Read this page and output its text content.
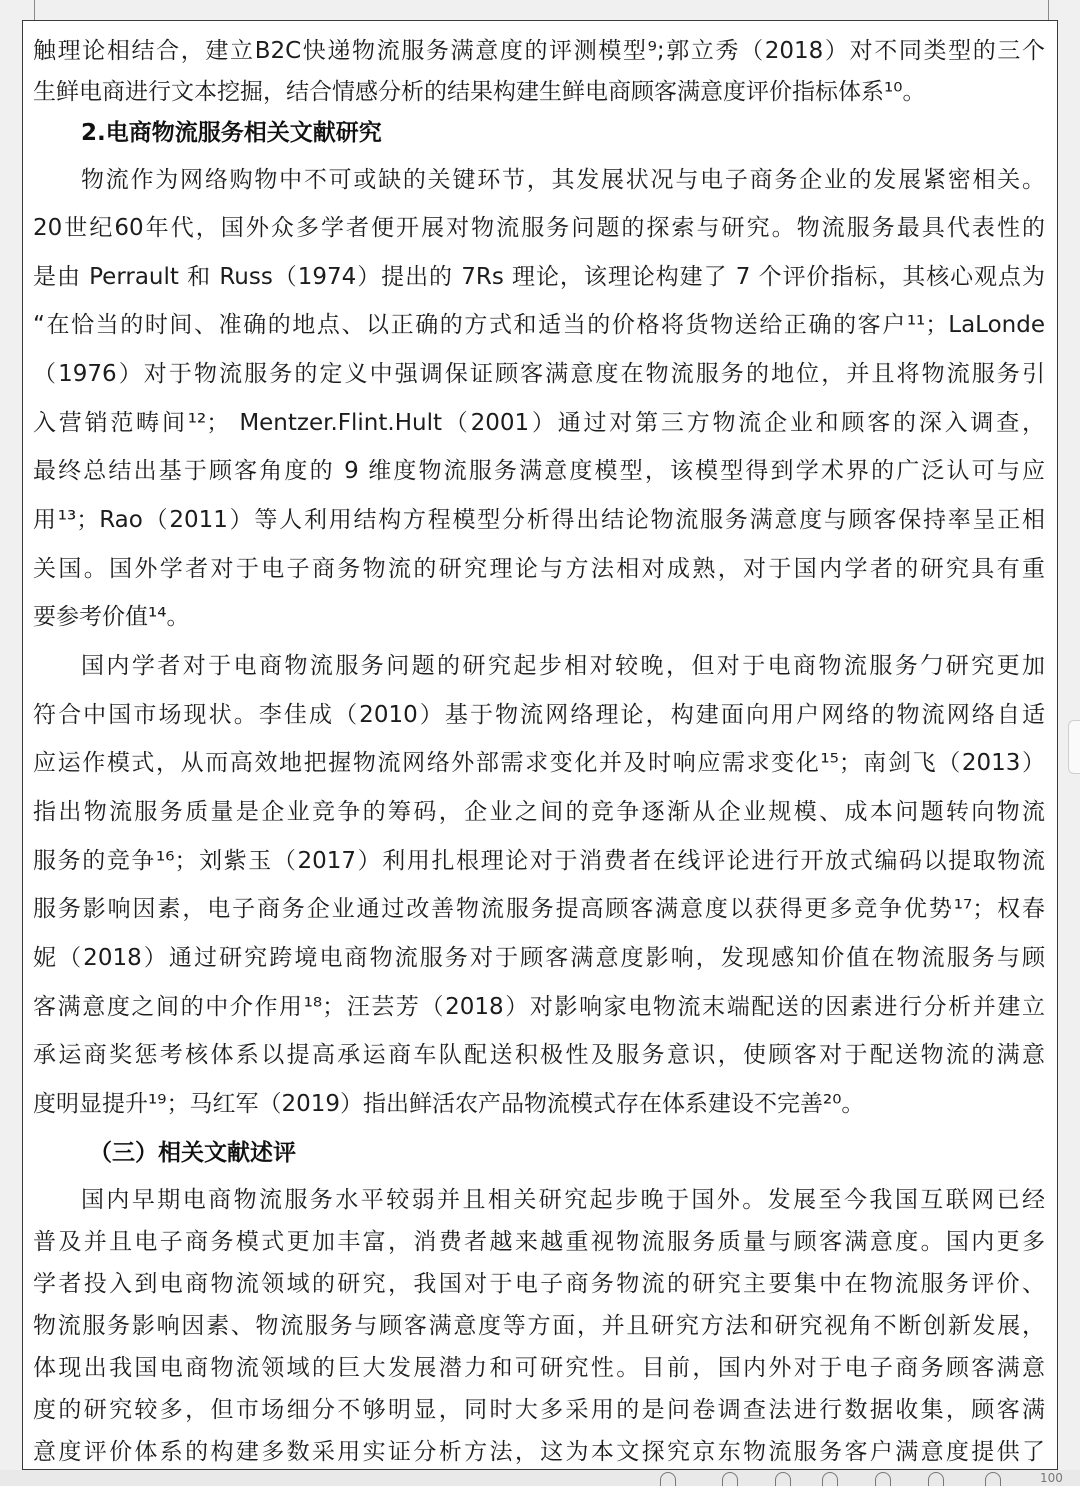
触理论相结合，建立B2C快递物流服务满意度的评测模型⁹;郭立秀（2018）对不同类型的三个
生鲜电商进行文本挖掘，结合情感分析的结果构建生鲜电商顾客满意度评价指标体系¹⁰。
2.电商物流服务相关文献研究
物流作为网络购物中不可或缺的关键环节，其发展状况与电子商务企业的发展紧密相关。
20世纪60年代，国外众多学者便开展对物流服务问题的探索与研究。物流服务最具代表性的
是由 Perrault 和 Russ（1974）提出的 7Rs 理论，该理论构建了 7 个评价指标，其核心观点为
“在恰当的时间、准确的地点、以正确的方式和适当的价格将货物送给正确的客户¹¹；LaLonde
（1976）对于物流服务的定义中强调保证顾客满意度在物流服务的地位，并且将物流服务引
入营销范畴间¹²； Mentzer.Flint.Hult（2001）通过对第三方物流企业和顾客的深入调查，
最终总结出基于顾客角度的 9 维度物流服务满意度模型，该模型得到学术界的广泛认可与应
用¹³；Rao（2011）等人利用结构方程模型分析得出结论物流服务满意度与顾客保持率呈正相
关国。国外学者对于电子商务物流的研究理论与方法相对成熟，对于国内学者的研究具有重
要参考价值¹⁴。
国内学者对于电商物流服务问题的研究起步相对较晚，但对于电商物流服务勹研究更加
符合中国市场现状。李佳成（2010）基于物流网络理论，构建面向用户网络的物流网络自适
应运作模式，从而高效地把握物流网络外部需求变化并及时响应需求变化¹⁵；南剑飞（2013）
指出物流服务质量是企业竞争的筹码，企业之间的竞争逐渐从企业规模、成本问题转向物流
服务的竞争¹⁶；刘紫玉（2017）利用扎根理论对于消费者在线评论进行开放式编码以提取物流
服务影响因素，电子商务企业通过改善物流服务提高顾客满意度以获得更多竞争优势¹⁷；权春
妮（2018）通过研究跨境电商物流服务对于顾客满意度影响，发现感知价值在物流服务与顾
客满意度之间的中介作用¹⁸；汪芸芳（2018）对影响家电物流末端配送的因素进行分析并建立
承运商奖惩考核体系以提高承运商车队配送积极性及服务意识，使顾客对于配送物流的满意
度明显提升¹⁹；马红军（2019）指出鲜活农产品物流模式存在体系建设不完善²⁰。
（三）相关文献述评
国内早期电商物流服务水平较弱并且相关研究起步晚于国外。发展至今我国互联网已经
普及并且电子商务模式更加丰富，消费者越来越重视物流服务质量与顾客满意度。国内更多
学者投入到电商物流领域的研究，我国对于电子商务物流的研究主要集中在物流服务评价、
物流服务影响因素、物流服务与顾客满意度等方面，并且研究方法和研究视角不断创新发展，
体现出我国电商物流领域的巨大发展潜力和可研究性。目前，国内外对于电子商务顾客满意
度的研究较多，但市场细分不够明显，同时大多采用的是问卷调查法进行数据收集，顾客满
意度评价体系的构建多数采用实证分析方法，这为本文探究京东物流服务客户满意度提供了
100
